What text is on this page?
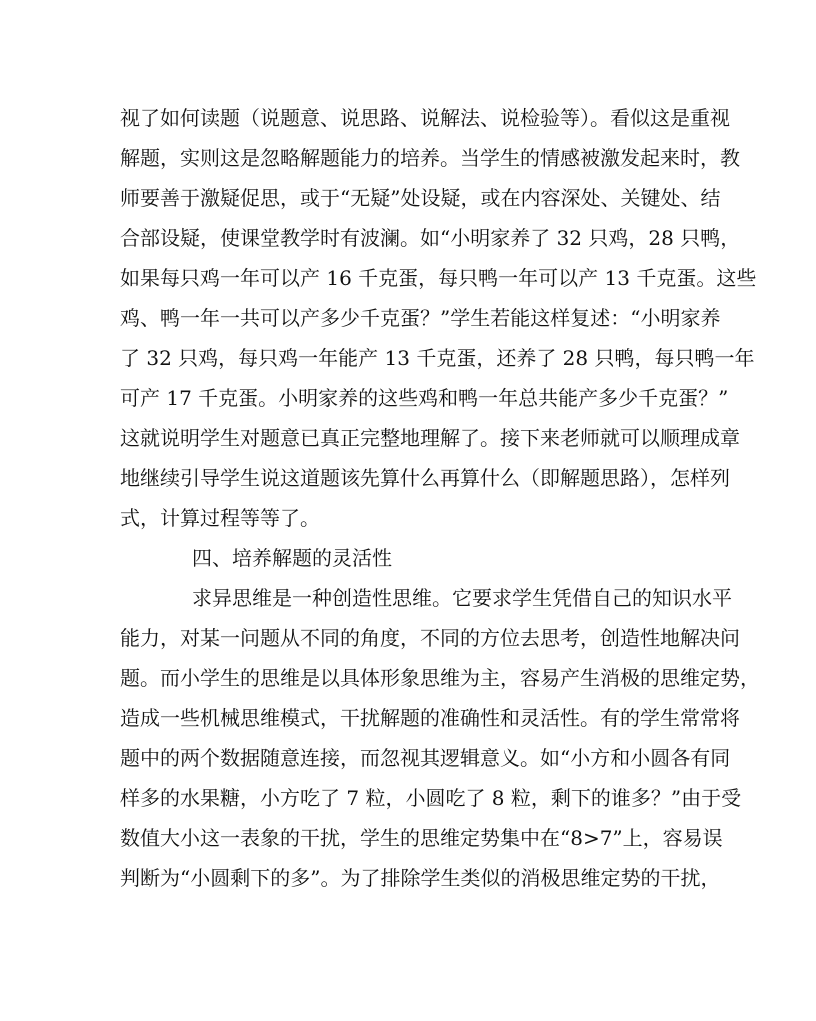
视了如何读题（说题意、说思路、说解法、说检验等）。看似这是重视
解题，实则这是忽略解题能力的培养。当学生的情感被激发起来时，教
师要善于激疑促思，或于“无疑”处设疑，或在内容深处、关键处、结
合部设疑，使课堂教学时有波澜。如“小明家养了 32 只鸡，28 只鸭，
如果每只鸡一年可以产 16 千克蛋，每只鸭一年可以产 13 千克蛋。这些
鸡、鸭一年一共可以产多少千克蛋？”学生若能这样复述：“小明家养
了 32 只鸡，每只鸡一年能产 13 千克蛋，还养了 28 只鸭，每只鸭一年
可产 17 千克蛋。小明家养的这些鸡和鸭一年总共能产多少千克蛋？”
这就说明学生对题意已真正完整地理解了。接下来老师就可以顺理成章
地继续引导学生说这道题该先算什么再算什么（即解题思路），怎样列
式，计算过程等等了。
四、培养解题的灵活性
求异思维是一种创造性思维。它要求学生凭借自己的知识水平
能力，对某一问题从不同的角度，不同的方位去思考，创造性地解决问
题。而小学生的思维是以具体形象思维为主，容易产生消极的思维定势，
造成一些机械思维模式，干扰解题的准确性和灵活性。有的学生常常将
题中的两个数据随意连接，而忽视其逻辑意义。如“小方和小圆各有同
样多的水果糖，小方吃了 7 粒，小圆吃了 8 粒，剩下的谁多？”由于受
数值大小这一表象的干扰，学生的思维定势集中在“8>7”上，容易误
判断为“小圆剩下的多”。为了排除学生类似的消极思维定势的干扰，
